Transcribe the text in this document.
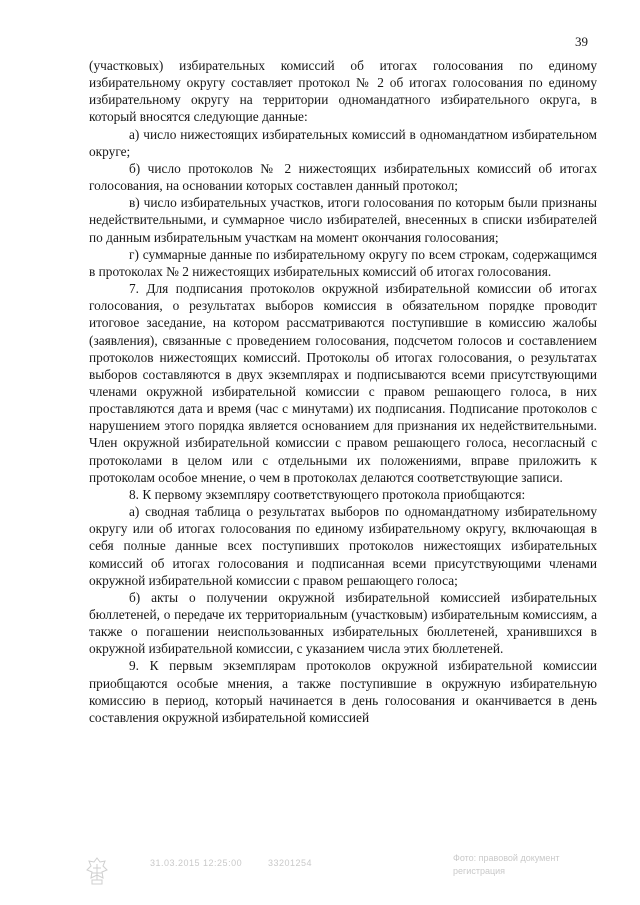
39

(участковых) избирательных комиссий об итогах голосования по единому избирательному округу составляет протокол № 2 об итогах голосования по единому избирательному округу на территории одномандатного избирательного округа, в который вносятся следующие данные:

а) число нижестоящих избирательных комиссий в одномандатном избирательном округе;

б) число протоколов № 2 нижестоящих избирательных комиссий об итогах голосования, на основании которых составлен данный протокол;

в) число избирательных участков, итоги голосования по которым были признаны недействительными, и суммарное число избирателей, внесенных в списки избирателей по данным избирательным участкам на момент окончания голосования;

г) суммарные данные по избирательному округу по всем строкам, содержащимся в протоколах № 2 нижестоящих избирательных комиссий об итогах голосования.

7. Для подписания протоколов окружной избирательной комиссии об итогах голосования, о результатах выборов комиссия в обязательном порядке проводит итоговое заседание, на котором рассматриваются поступившие в комиссию жалобы (заявления), связанные с проведением голосования, подсчетом голосов и составлением протоколов нижестоящих комиссий. Протоколы об итогах голосования, о результатах выборов составляются в двух экземплярах и подписываются всеми присутствующими членами окружной избирательной комиссии с правом решающего голоса, в них проставляются дата и время (час с минутами) их подписания. Подписание протоколов с нарушением этого порядка является основанием для признания их недействительными. Член окружной избирательной комиссии с правом решающего голоса, несогласный с протоколами в целом или с отдельными их положениями, вправе приложить к протоколам особое мнение, о чем в протоколах делаются соответствующие записи.

8. К первому экземпляру соответствующего протокола приобщаются:

а) сводная таблица о результатах выборов по одномандатному избирательному округу или об итогах голосования по единому избирательному округу, включающая в себя полные данные всех поступивших протоколов нижестоящих избирательных комиссий об итогах голосования и подписанная всеми присутствующими членами окружной избирательной комиссии с правом решающего голоса;

б) акты о получении окружной избирательной комиссией избирательных бюллетеней, о передаче их территориальным (участковым) избирательным комиссиям, а также о погашении неиспользованных избирательных бюллетеней, хранившихся в окружной избирательной комиссии, с указанием числа этих бюллетеней.

9. К первым экземплярам протоколов окружной избирательной комиссии приобщаются особые мнения, а также поступившие в окружную избирательную комиссию в период, который начинается в день голосования и оканчивается в день составления окружной избирательной комиссией

31.03.2015 12:25:00	33201254	Фото: правовой документ регистрация
